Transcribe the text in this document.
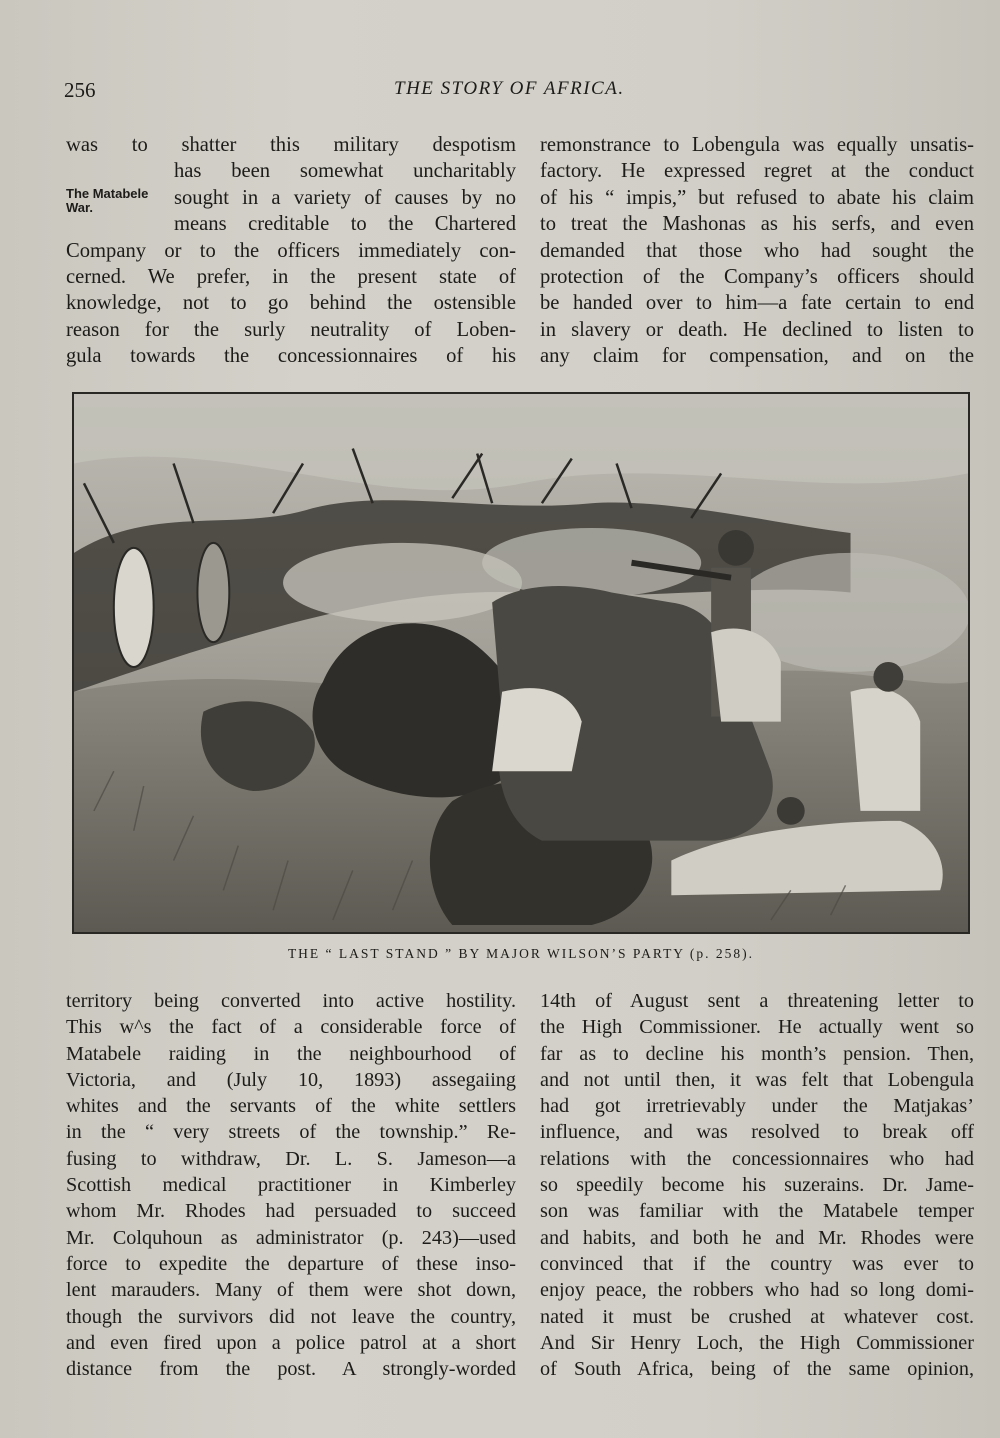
256	THE STORY OF AFRICA.

was to shatter this military despotism

The Matabele War.

has been somewhat uncharitably

sought in a variety of causes by no

means creditable to the Chartered

Company or to the officers immediately con-

cerned. We prefer, in the present state of

knowledge, not to go behind the ostensible

reason for the surly neutrality of Loben-

gula towards the concessionnaires of his

remonstrance to Lobengula was equally unsatis-

factory. He expressed regret at the conduct

of his “ impis,” but refused to abate his claim

to treat the Mashonas as his serfs, and even

demanded that those who had sought the

protection of the Company’s officers should

be handed over to him—a fate certain to end

in slavery or death. He declined to listen to

any claim for compensation, and on the

THE “ LAST STAND ” BY MAJOR WILSON’S PARTY (p. 258).

territory being converted into active hostility.

This w^s the fact of a considerable force of

Matabele raiding in the neighbourhood of

Victoria, and (July 10, 1893) assegaiing

whites and the servants of the white settlers

in the “ very streets of the township.” Re-

fusing to withdraw, Dr. L. S. Jameson—a

Scottish medical practitioner in Kimberley

whom Mr. Rhodes had persuaded to succeed

Mr. Colquhoun as administrator (p. 243)—used

force to expedite the departure of these inso-

lent marauders. Many of them were shot down,

though the survivors did not leave the country,

and even fired upon a police patrol at a short

distance from the post. A strongly-worded

14th of August sent a threatening letter to

the High Commissioner. He actually went so

far as to decline his month’s pension. Then,

and not until then, it was felt that Lobengula

had got irretrievably under the Matjakas’

influence, and was resolved to break off

relations with the concessionnaires who had

so speedily become his suzerains. Dr. Jame-

son was familiar with the Matabele temper

and habits, and both he and Mr. Rhodes were

convinced that if the country was ever to

enjoy peace, the robbers who had so long domi-

nated it must be crushed at whatever cost.

And Sir Henry Loch, the High Commissioner

of South Africa, being of the same opinion,
